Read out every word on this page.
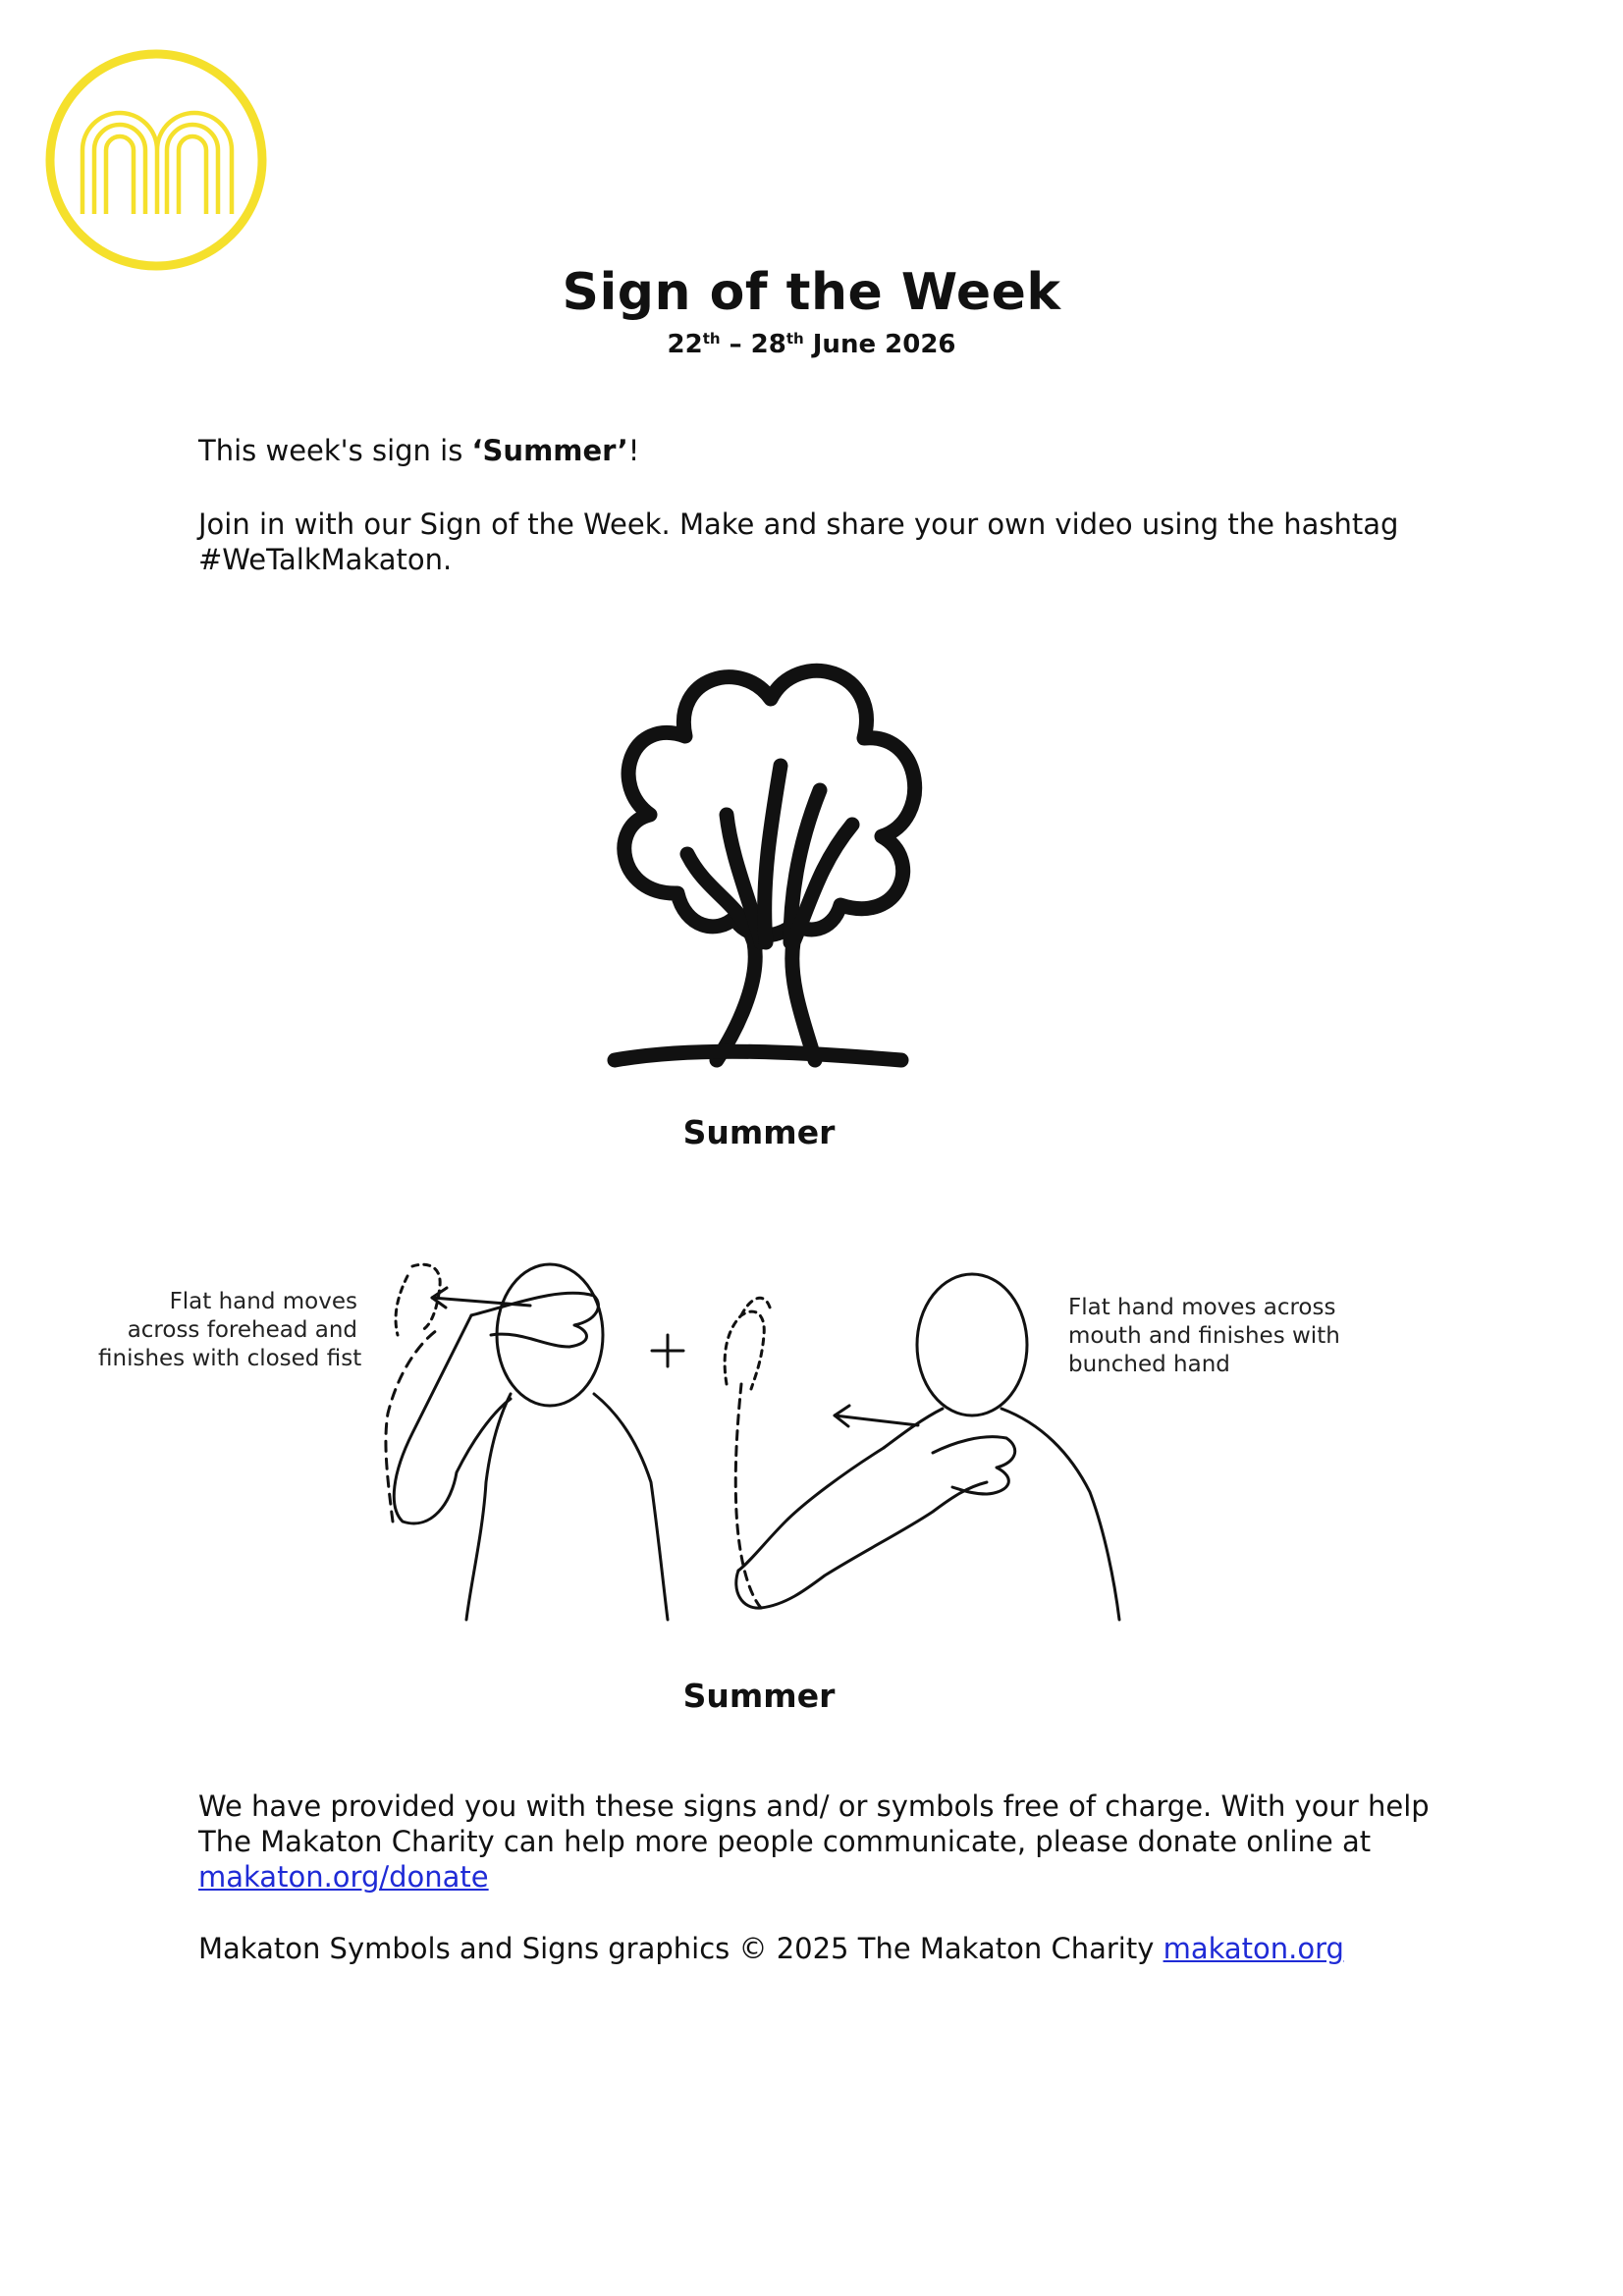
Sign of the Week
22th – 28th June 2026
This week's sign is ‘Summer’!
Join in with our Sign of the Week. Make and share your own video using the hashtag
#WeTalkMakaton.
Summer
Flat hand moves
across forehead and
finishes with closed fist
Flat hand moves across
mouth and finishes with
bunched hand
Summer
We have provided you with these signs and/ or symbols free of charge. With your help
The Makaton Charity can help more people communicate, please donate online at
makaton.org/donate
Makaton Symbols and Signs graphics © 2025 The Makaton Charity makaton.org
